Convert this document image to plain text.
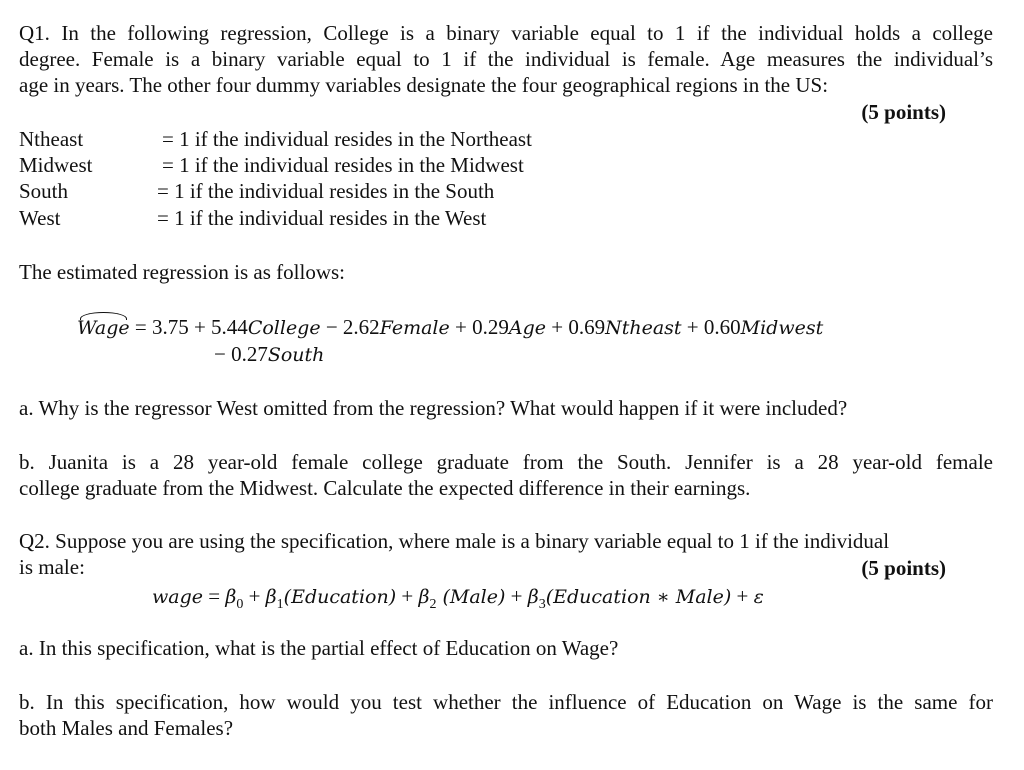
Q1. In the following regression, College is a binary variable equal to 1 if the individual holds a college
degree. Female is a binary variable equal to 1 if the individual is female. Age measures the individual’s
age in years. The other four dummy variables designate the four geographical regions in the US:
(5 points)
Ntheast	= 1 if the individual resides in the Northeast
Midwest	= 1 if the individual resides in the Midwest
South	= 1 if the individual resides in the South
West	= 1 if the individual resides in the West
The estimated regression is as follows:
Wage = 3.75 + 5.44College − 2.62Female + 0.29Age + 0.69Ntheast + 0.60Midwest
− 0.27South
a. Why is the regressor West omitted from the regression? What would happen if it were included?
b. Juanita is a 28 year-old female college graduate from the South. Jennifer is a 28 year-old female
college graduate from the Midwest. Calculate the expected difference in their earnings.
Q2. Suppose you are using the specification, where male is a binary variable equal to 1 if the individual
is male:	(5 points)
wage = $\beta_0$ + $\beta_1(Education) + \beta_2$ (Male) + $\beta_3(Education$ ∗ Male) + ε
a. In this specification, what is the partial effect of Education on Wage?
b. In this specification, how would you test whether the influence of Education on Wage is the same for
both Males and Females?
